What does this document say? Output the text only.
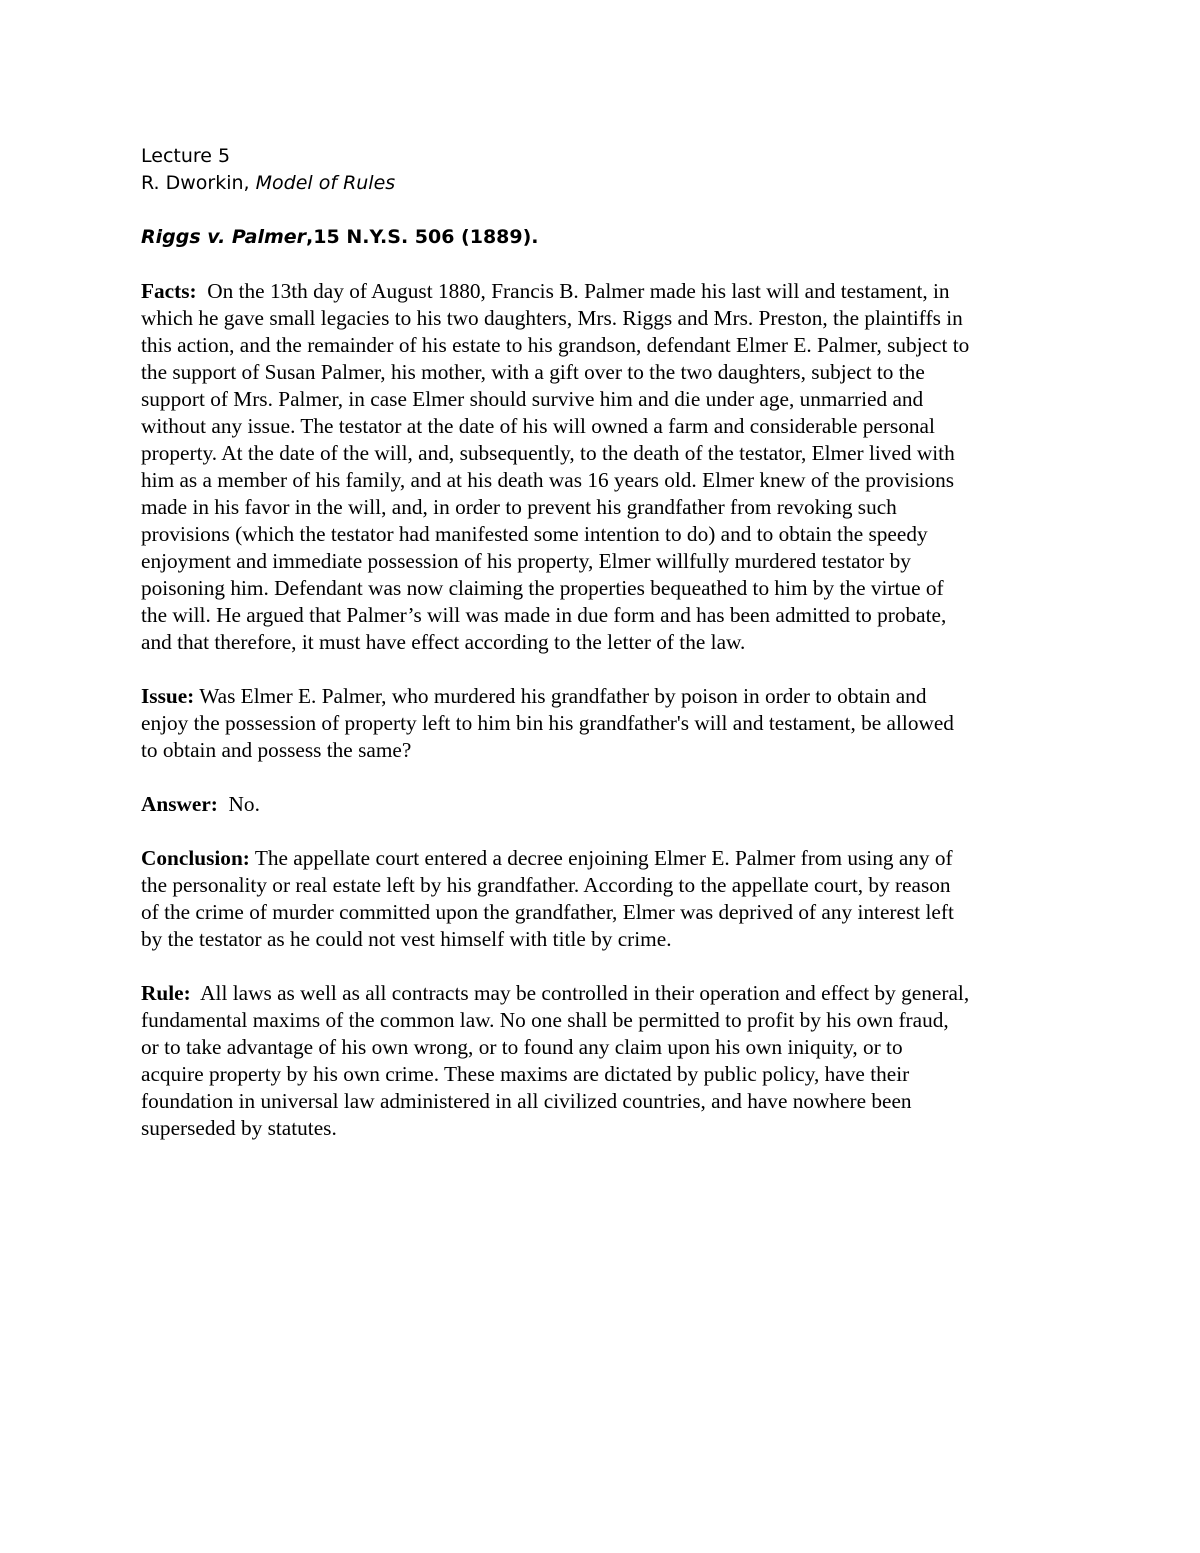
Lecture 5

R. Dworkin, Model of Rules

Riggs v. Palmer,15 N.Y.S. 506 (1889).

Facts: On the 13th day of August 1880, Francis B. Palmer made his last will and testament, in

which he gave small legacies to his two daughters, Mrs. Riggs and Mrs. Preston, the plaintiffs in

this action, and the remainder of his estate to his grandson, defendant Elmer E. Palmer, subject to

the support of Susan Palmer, his mother, with a gift over to the two daughters, subject to the

support of Mrs. Palmer, in case Elmer should survive him and die under age, unmarried and

without any issue. The testator at the date of his will owned a farm and considerable personal

property. At the date of the will, and, subsequently, to the death of the testator, Elmer lived with

him as a member of his family, and at his death was 16 years old. Elmer knew of the provisions

made in his favor in the will, and, in order to prevent his grandfather from revoking such

provisions (which the testator had manifested some intention to do) and to obtain the speedy

enjoyment and immediate possession of his property, Elmer willfully murdered testator by

poisoning him. Defendant was now claiming the properties bequeathed to him by the virtue of

the will. He argued that Palmer’s will was made in due form and has been admitted to probate,

and that therefore, it must have effect according to the letter of the law.

Issue: Was Elmer E. Palmer, who murdered his grandfather by poison in order to obtain and

enjoy the possession of property left to him bin his grandfather's will and testament, be allowed

to obtain and possess the same?

Answer: No.

Conclusion: The appellate court entered a decree enjoining Elmer E. Palmer from using any of

the personality or real estate left by his grandfather. According to the appellate court, by reason

of the crime of murder committed upon the grandfather, Elmer was deprived of any interest left

by the testator as he could not vest himself with title by crime.

Rule: All laws as well as all contracts may be controlled in their operation and effect by general,

fundamental maxims of the common law. No one shall be permitted to profit by his own fraud,

or to take advantage of his own wrong, or to found any claim upon his own iniquity, or to

acquire property by his own crime. These maxims are dictated by public policy, have their

foundation in universal law administered in all civilized countries, and have nowhere been

superseded by statutes.
